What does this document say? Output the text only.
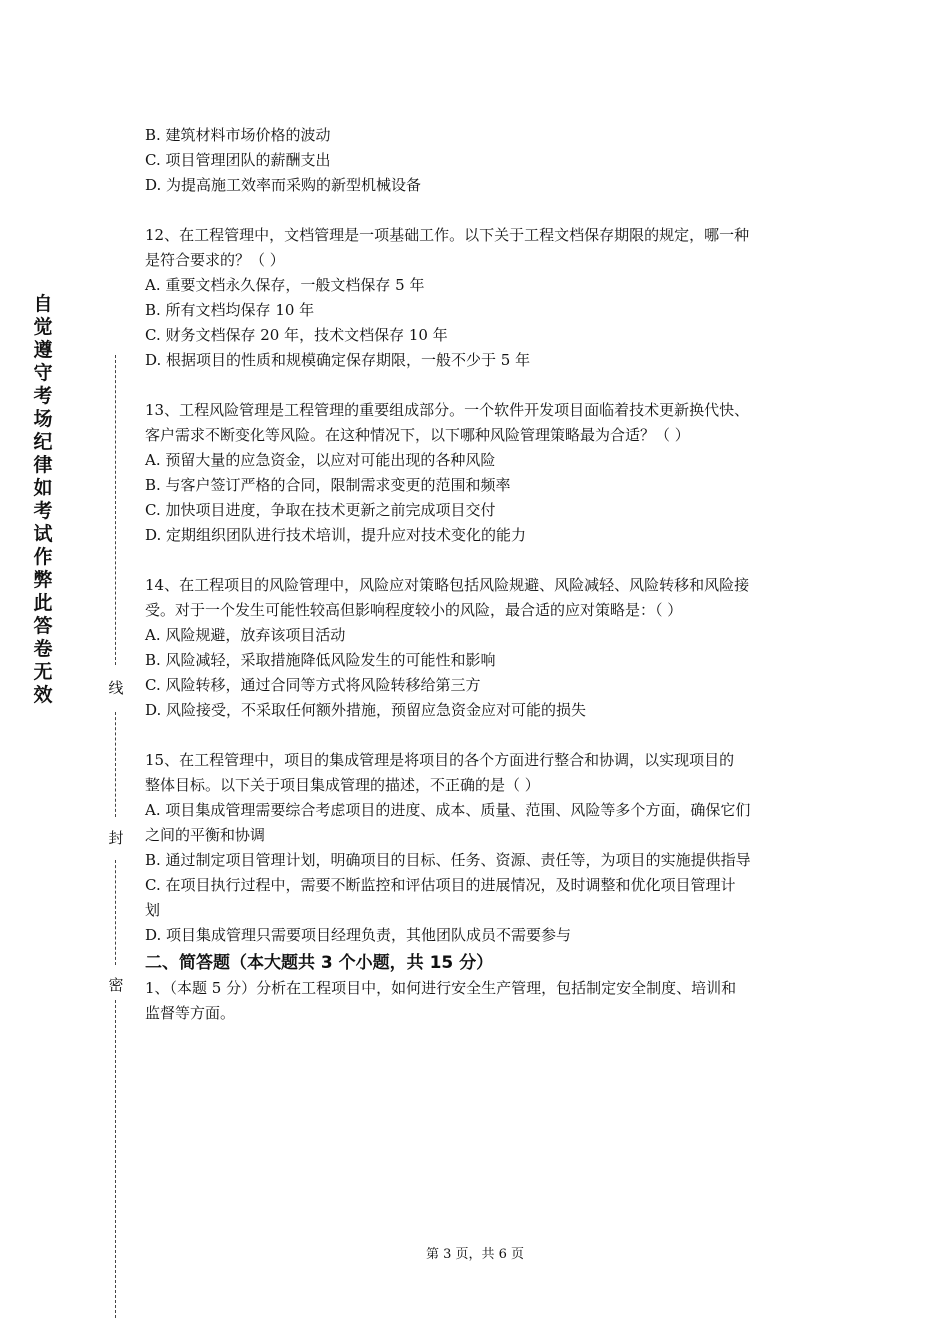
自觉遵守考场纪律如考试作弊此答卷无效	线
封
密
B. 建筑材料市场价格的波动
C. 项目管理团队的薪酬支出
D. 为提高施工效率而采购的新型机械设备
12、在工程管理中，文档管理是一项基础工作。以下关于工程文档保存期限的规定，哪一种
是符合要求的？（ ）
A. 重要文档永久保存，一般文档保存 5 年
B. 所有文档均保存 10 年
C. 财务文档保存 20 年，技术文档保存 10 年
D. 根据项目的性质和规模确定保存期限，一般不少于 5 年
13、工程风险管理是工程管理的重要组成部分。一个软件开发项目面临着技术更新换代快、
客户需求不断变化等风险。在这种情况下，以下哪种风险管理策略最为合适？（ ）
A. 预留大量的应急资金，以应对可能出现的各种风险
B. 与客户签订严格的合同，限制需求变更的范围和频率
C. 加快项目进度，争取在技术更新之前完成项目交付
D. 定期组织团队进行技术培训，提升应对技术变化的能力
14、在工程项目的风险管理中，风险应对策略包括风险规避、风险减轻、风险转移和风险接
受。对于一个发生可能性较高但影响程度较小的风险，最合适的应对策略是：（ ）
A. 风险规避，放弃该项目活动
B. 风险减轻，采取措施降低风险发生的可能性和影响
C. 风险转移，通过合同等方式将风险转移给第三方
D. 风险接受，不采取任何额外措施，预留应急资金应对可能的损失
15、在工程管理中，项目的集成管理是将项目的各个方面进行整合和协调，以实现项目的
整体目标。以下关于项目集成管理的描述，不正确的是（ ）
A. 项目集成管理需要综合考虑项目的进度、成本、质量、范围、风险等多个方面，确保它们
之间的平衡和协调
B. 通过制定项目管理计划，明确项目的目标、任务、资源、责任等，为项目的实施提供指导
C. 在项目执行过程中，需要不断监控和评估项目的进展情况，及时调整和优化项目管理计
划
D. 项目集成管理只需要项目经理负责，其他团队成员不需要参与
二、简答题（本大题共 3 个小题，共 15 分）
1、（本题 5 分）分析在工程项目中，如何进行安全生产管理，包括制定安全制度、培训和
监督等方面。
第 3 页，共 6 页
